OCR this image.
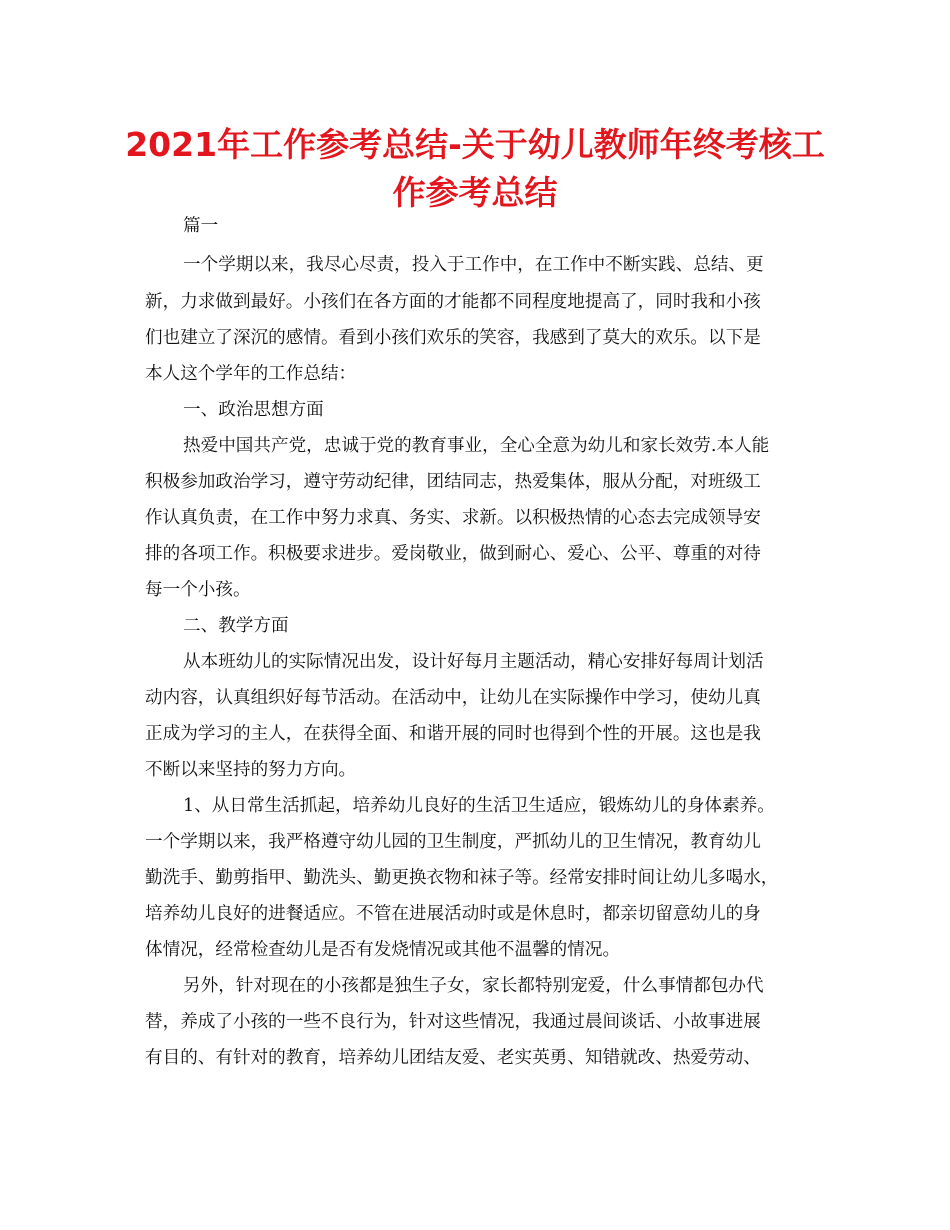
2021年工作参考总结-关于幼儿教师年终考核工
作参考总结

篇一

一个学期以来，我尽心尽责，投入于工作中，在工作中不断实践、总结、更

新，力求做到最好。小孩们在各方面的才能都不同程度地提高了，同时我和小孩

们也建立了深沉的感情。看到小孩们欢乐的笑容，我感到了莫大的欢乐。以下是

本人这个学年的工作总结：

一、政治思想方面

热爱中国共产党，忠诚于党的教育事业，全心全意为幼儿和家长效劳.本人能

积极参加政治学习，遵守劳动纪律，团结同志，热爱集体，服从分配，对班级工

作认真负责，在工作中努力求真、务实、求新。以积极热情的心态去完成领导安

排的各项工作。积极要求进步。爱岗敬业，做到耐心、爱心、公平、尊重的对待

每一个小孩。

二、教学方面

从本班幼儿的实际情况出发，设计好每月主题活动，精心安排好每周计划活

动内容，认真组织好每节活动。在活动中，让幼儿在实际操作中学习，使幼儿真

正成为学习的主人，在获得全面、和谐开展的同时也得到个性的开展。这也是我

不断以来坚持的努力方向。

1、从日常生活抓起，培养幼儿良好的生活卫生适应，锻炼幼儿的身体素养。

一个学期以来，我严格遵守幼儿园的卫生制度，严抓幼儿的卫生情况，教育幼儿

勤洗手、勤剪指甲、勤洗头、勤更换衣物和袜子等。经常安排时间让幼儿多喝水，

培养幼儿良好的进餐适应。不管在进展活动时或是休息时，都亲切留意幼儿的身

体情况，经常检查幼儿是否有发烧情况或其他不温馨的情况。

另外，针对现在的小孩都是独生子女，家长都特别宠爱，什么事情都包办代

替，养成了小孩的一些不良行为，针对这些情况，我通过晨间谈话、小故事进展

有目的、有针对的教育，培养幼儿团结友爱、老实英勇、知错就改、热爱劳动、
